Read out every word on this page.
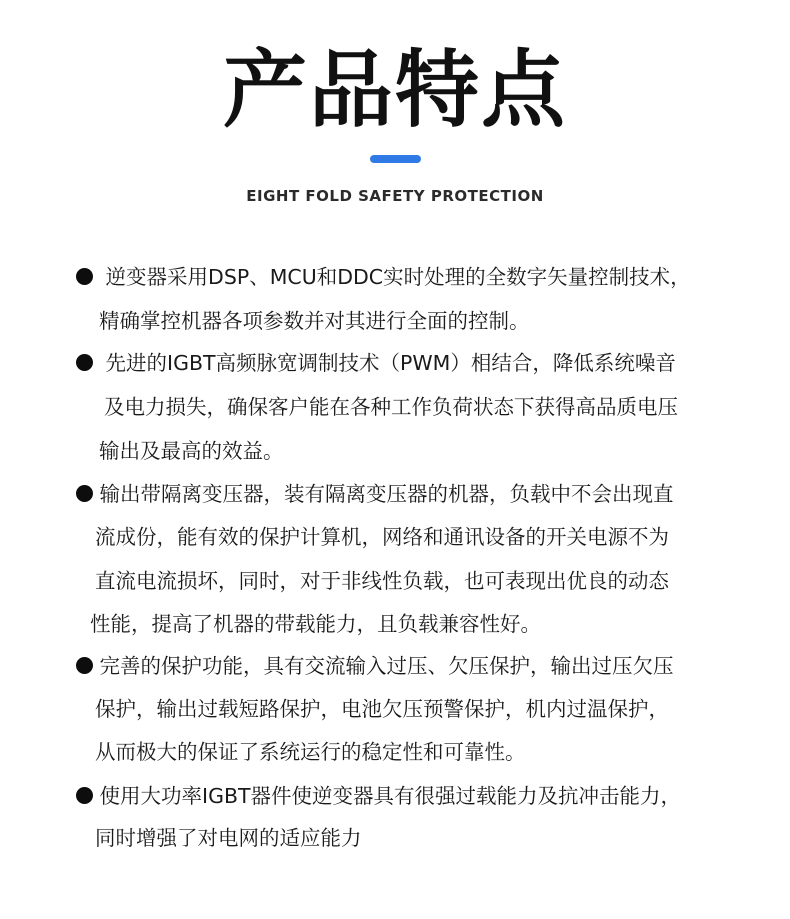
产品特点
EIGHT FOLD SAFETY PROTECTION
逆变器采用DSP、MCU和DDC实时处理的全数字矢量控制技术，
精确掌控机器各项参数并对其进行全面的控制。
先进的IGBT高频脉宽调制技术（PWM）相结合，降低系统噪音
及电力损失，确保客户能在各种工作负荷状态下获得高品质电压
输出及最高的效益。
输出带隔离变压器，装有隔离变压器的机器，负载中不会出现直
流成份，能有效的保护计算机，网络和通讯设备的开关电源不为
直流电流损坏，同时，对于非线性负载，也可表现出优良的动态
性能，提高了机器的带载能力，且负载兼容性好。
完善的保护功能，具有交流输入过压、欠压保护，输出过压欠压
保护，输出过载短路保护，电池欠压预警保护，机内过温保护，
从而极大的保证了系统运行的稳定性和可靠性。
使用大功率IGBT器件使逆变器具有很强过载能力及抗冲击能力，
同时增强了对电网的适应能力
